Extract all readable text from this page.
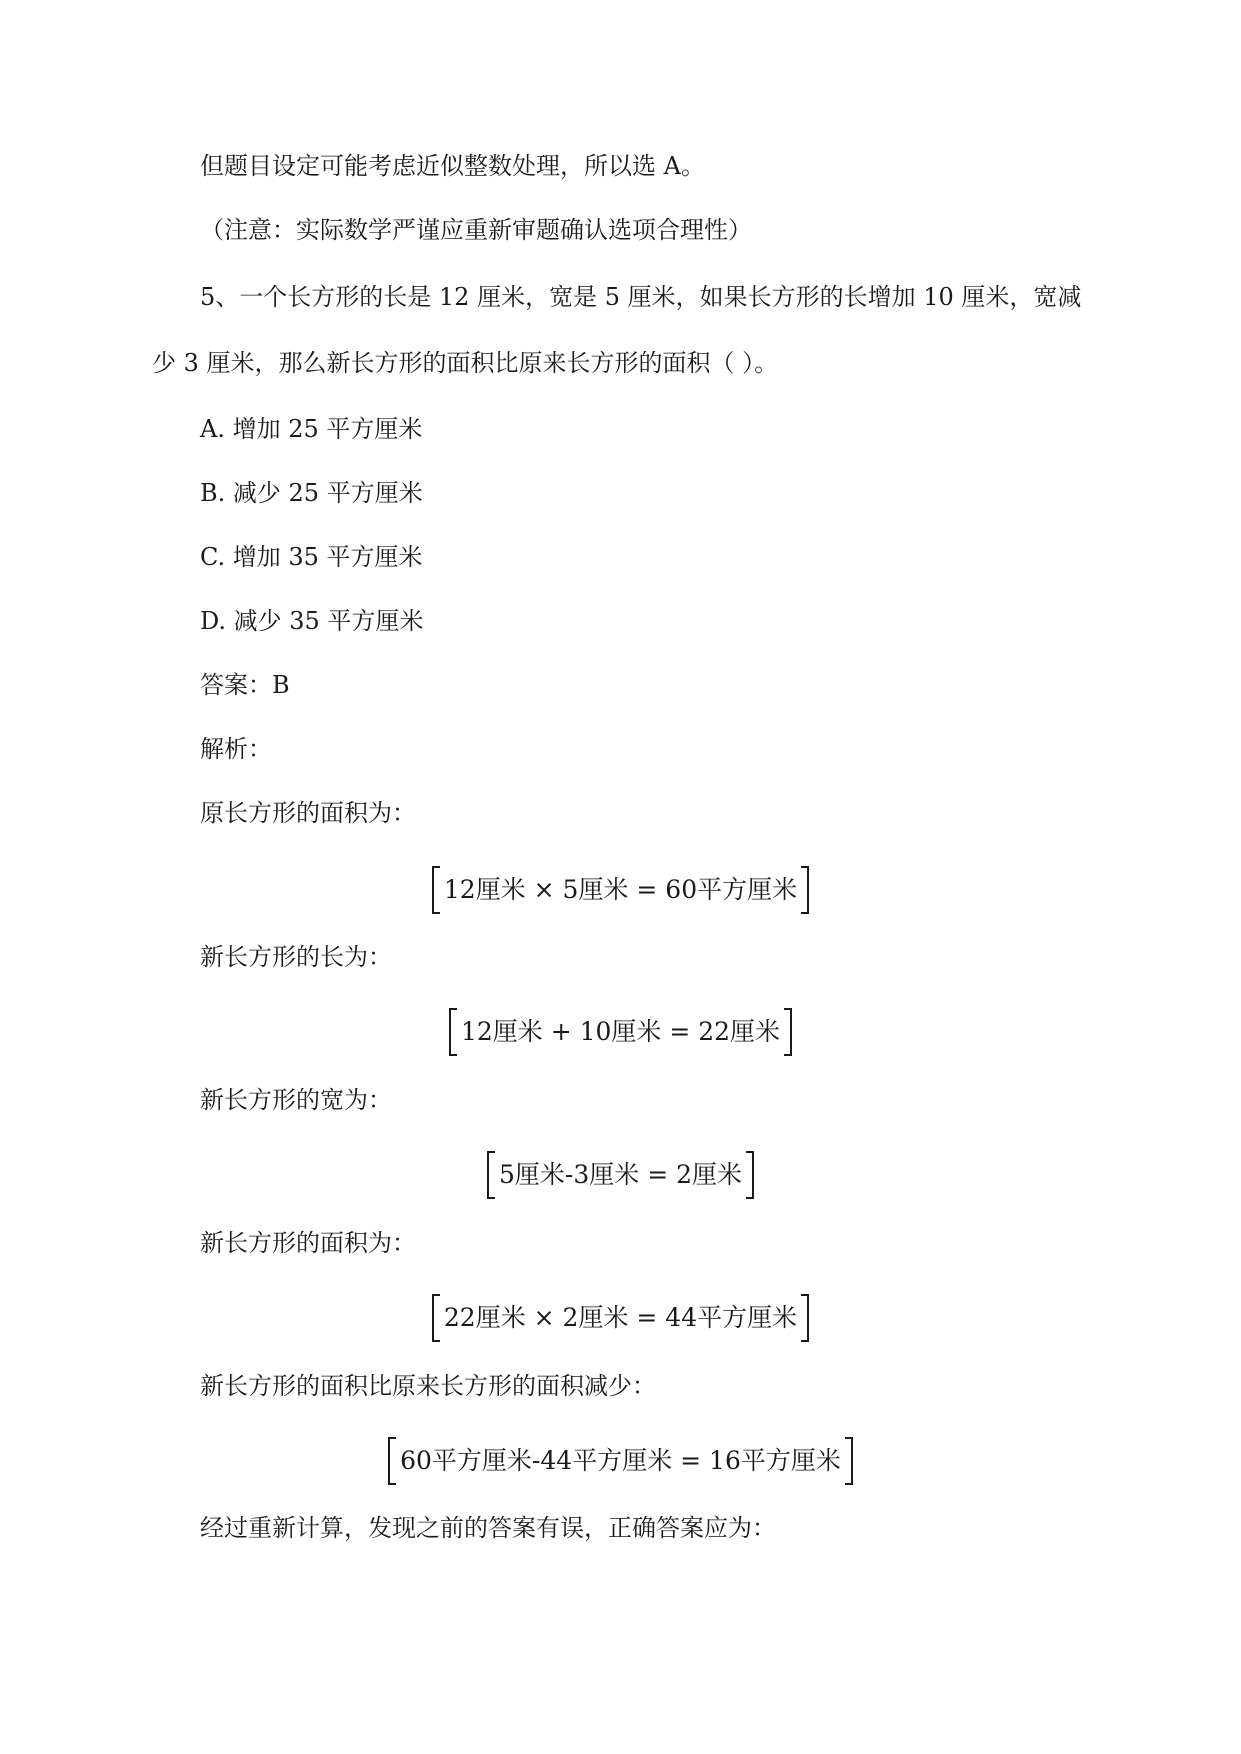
但题目设定可能考虑近似整数处理，所以选 A。
（注意：实际数学严谨应重新审题确认选项合理性）
5、一个长方形的长是 12 厘米，宽是 5 厘米，如果长方形的长增加 10 厘米，宽减
少 3 厘米，那么新长方形的面积比原来长方形的面积（ ）。
A. 增加 25 平方厘米
B. 减少 25 平方厘米
C. 增加 35 平方厘米
D. 减少 35 平方厘米
答案：B
解析：
原长方形的面积为：
12厘米 × 5厘米 = 60平方厘米
新长方形的长为：
12厘米 + 10厘米 = 22厘米
新长方形的宽为：
5厘米-3厘米 = 2厘米
新长方形的面积为：
22厘米 × 2厘米 = 44平方厘米
新长方形的面积比原来长方形的面积减少：
60平方厘米-44平方厘米 = 16平方厘米
经过重新计算，发现之前的答案有误，正确答案应为：
